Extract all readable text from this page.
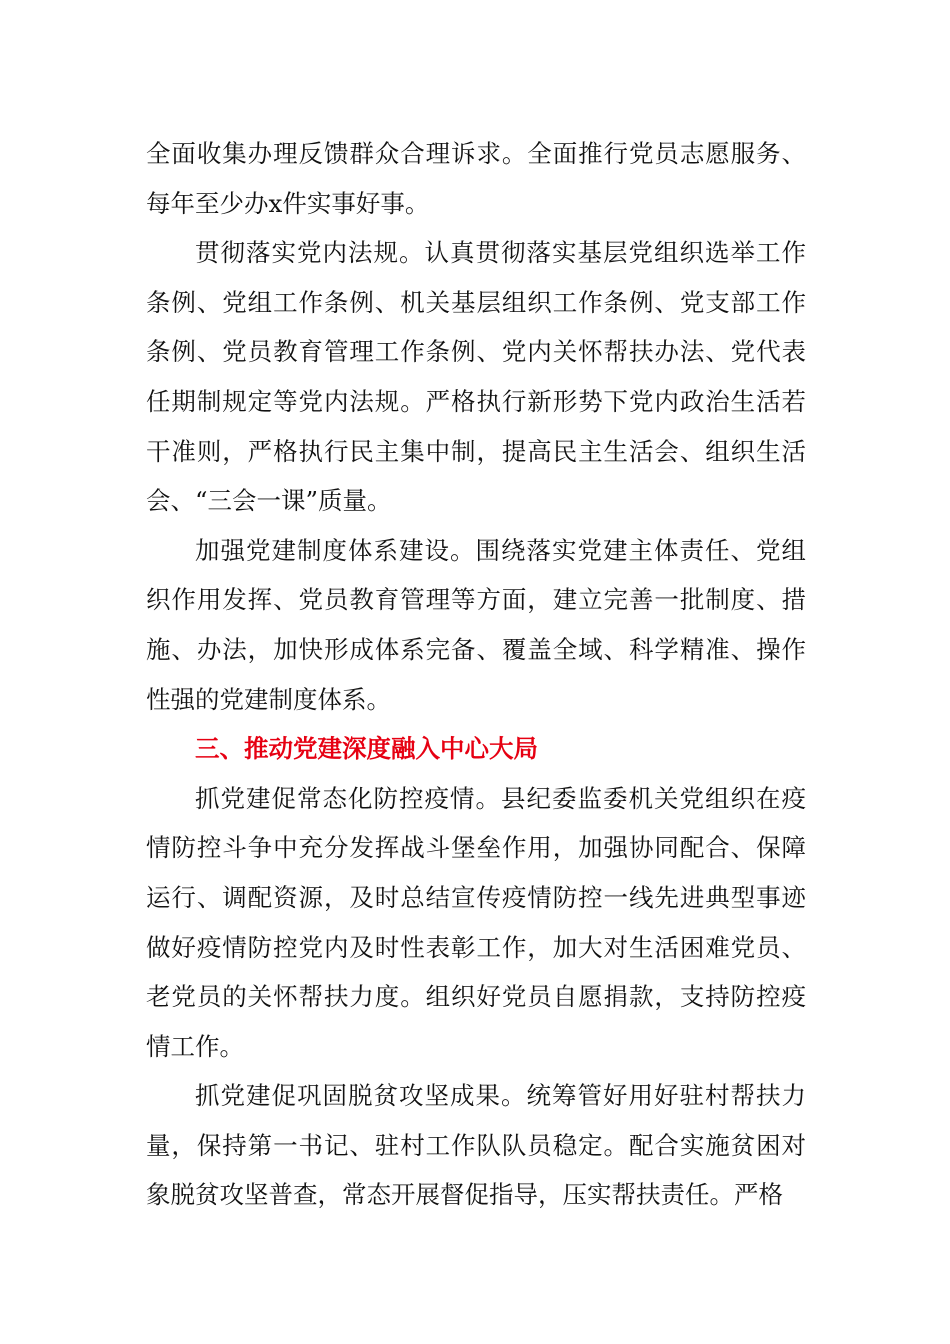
全面收集办理反馈群众合理诉求。全面推行党员志愿服务、每年至少办x件实事好事。

贯彻落实党内法规。认真贯彻落实基层党组织选举工作条例、党组工作条例、机关基层组织工作条例、党支部工作条例、党员教育管理工作条例、党内关怀帮扶办法、党代表任期制规定等党内法规。严格执行新形势下党内政治生活若干准则，严格执行民主集中制，提高民主生活会、组织生活会、“三会一课”质量。

加强党建制度体系建设。围绕落实党建主体责任、党组织作用发挥、党员教育管理等方面，建立完善一批制度、措施、办法，加快形成体系完备、覆盖全域、科学精准、操作性强的党建制度体系。

三、推动党建深度融入中心大局

抓党建促常态化防控疫情。县纪委监委机关党组织在疫情防控斗争中充分发挥战斗堡垒作用，加强协同配合、保障运行、调配资源，及时总结宣传疫情防控一线先进典型事迹做好疫情防控党内及时性表彰工作，加大对生活困难党员、老党员的关怀帮扶力度。组织好党员自愿捐款，支持防控疫情工作。

抓党建促巩固脱贫攻坚成果。统筹管好用好驻村帮扶力量，保持第一书记、驻村工作队队员稳定。配合实施贫困对象脱贫攻坚普查，常态开展督促指导，压实帮扶责任。严格
